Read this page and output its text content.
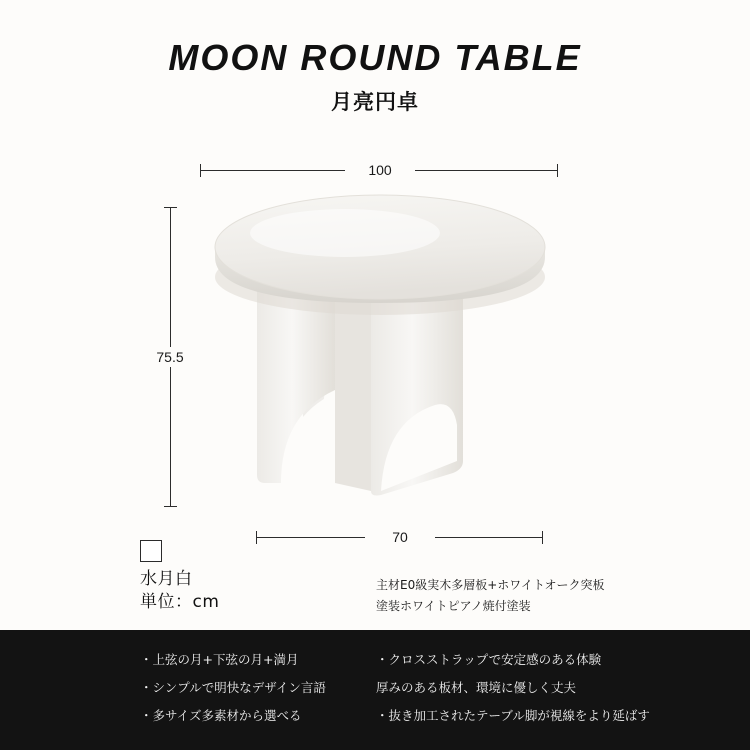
MOON ROUND TABLE
月亮円卓
100
75.5
70
水月白
単位：cm
主材E0級実木多層板+ホワイトオーク突板
塗装ホワイトピアノ焼付塗装
・上弦の月+下弦の月+満月
・シンプルで明快なデザイン言語
・多サイズ多素材から選べる
・クロスストラップで安定感のある体験
厚みのある板材、環境に優しく丈夫
・抜き加工されたテーブル脚が視線をより延ばす
